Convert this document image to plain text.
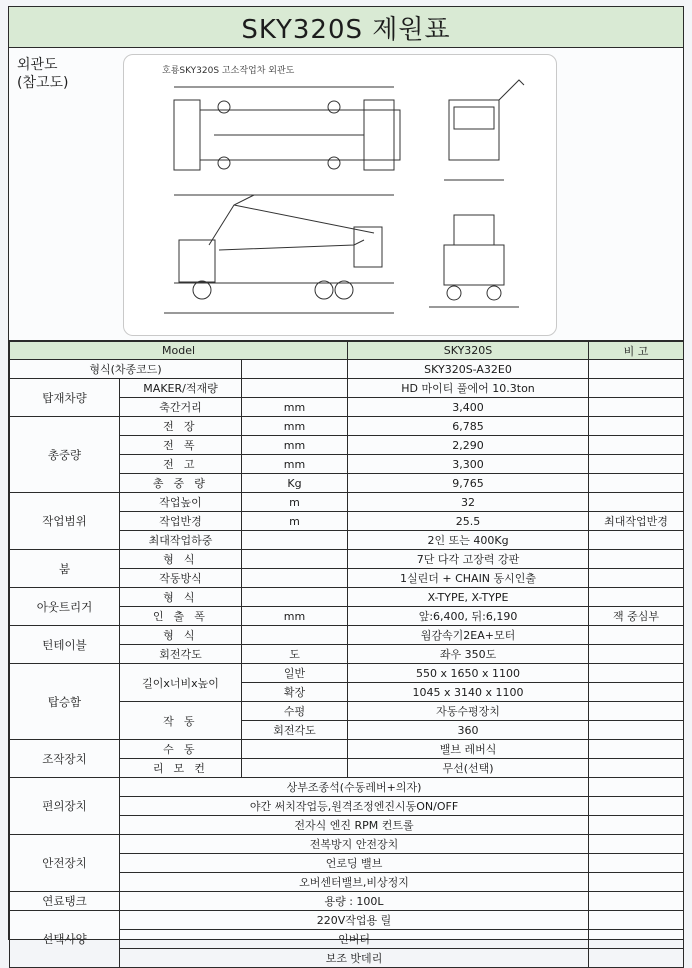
SKY320S 제원표
외관도
(참고도)
호룡SKY320S 고소작업차 외관도
Model			SKY320S	비 고
형식(차종코드)			SKY320S-A32E0	
탑재차량	MAKER/적재량		HD 마이티 풀에어 10.3ton	
	축간거리	mm	3,400	
총중량	전 장	mm	6,785	
	전 폭	mm	2,290	
	전 고	mm	3,300	
	총 중 량	Kg	9,765	
작업범위	작업높이	m	32	
	작업반경	m	25.5	최대작업반경
	최대작업하중		2인 또는 400Kg	
붐	형 식		7단 다각 고장력 강판	
	작동방식		1실린더 + CHAIN 동시인출	
아웃트리거	형 식		X-TYPE, X-TYPE	
	인 출 폭	mm	앞:6,400, 뒤:6,190	잭 중심부
턴테이블	형 식		웜감속기2EA+모터	
	회전각도	도	좌우 350도	
탑승함	길이x너비x높이	일반	550 x 1650 x 1100	
		확장	1045 x 3140 x 1100	
	작 동	수평	자동수평장치	
		회전각도	360	
조작장치	수 동		밸브 레버식	
	리 모 컨		무선(선택)	
편의장치	상부조종석(수동레버+의자)			
	야간 써치작업등,원격조정엔진시동ON/OFF			
	전자식 엔진 RPM 컨트롤			
안전장치	전복방지 안전장치			
	언로딩 밸브			
	오버센터밸브,비상정지			
연료탱크	용량 : 100L			
선택사양	220V작업용 릴			
	인버터			
	보조 밧데리			
